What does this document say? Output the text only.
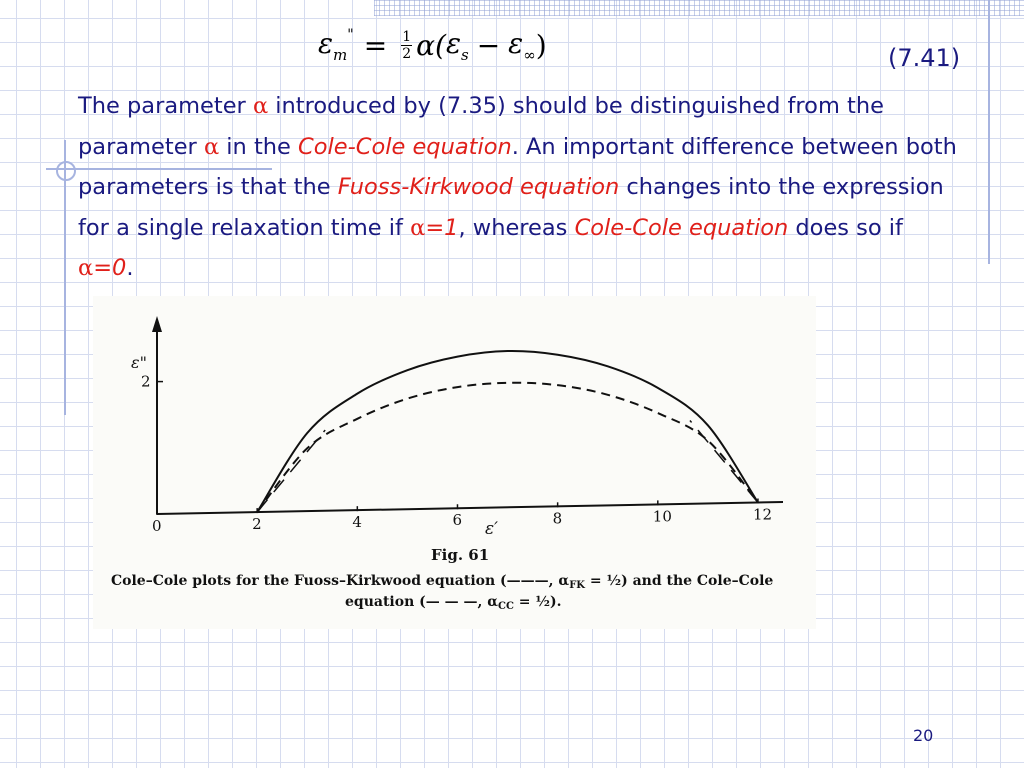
$\varepsilon_m^" = \frac{1}{2} \alpha$( $\varepsilon_s - \varepsilon_\infty$ )	(7.41)
The parameter α introduced by (7.35) should be distinguished from the parameter α in the Cole-Cole equation. An important difference between both parameters is that the Fuoss-Kirkwood equation changes into the expression for a single relaxation time if α=1, whereas Cole-Cole equation does so if α=0.
ε"
ε′
0	2	4	6	8	10	12
2
Fig. 61
Cole–Cole plots for the Fuoss–Kirkwood equation (———, $\alpha_{FK}$ = ½) and the Cole–Cole
equation (— — —, $\alpha_{CC}$ = ½).
20
